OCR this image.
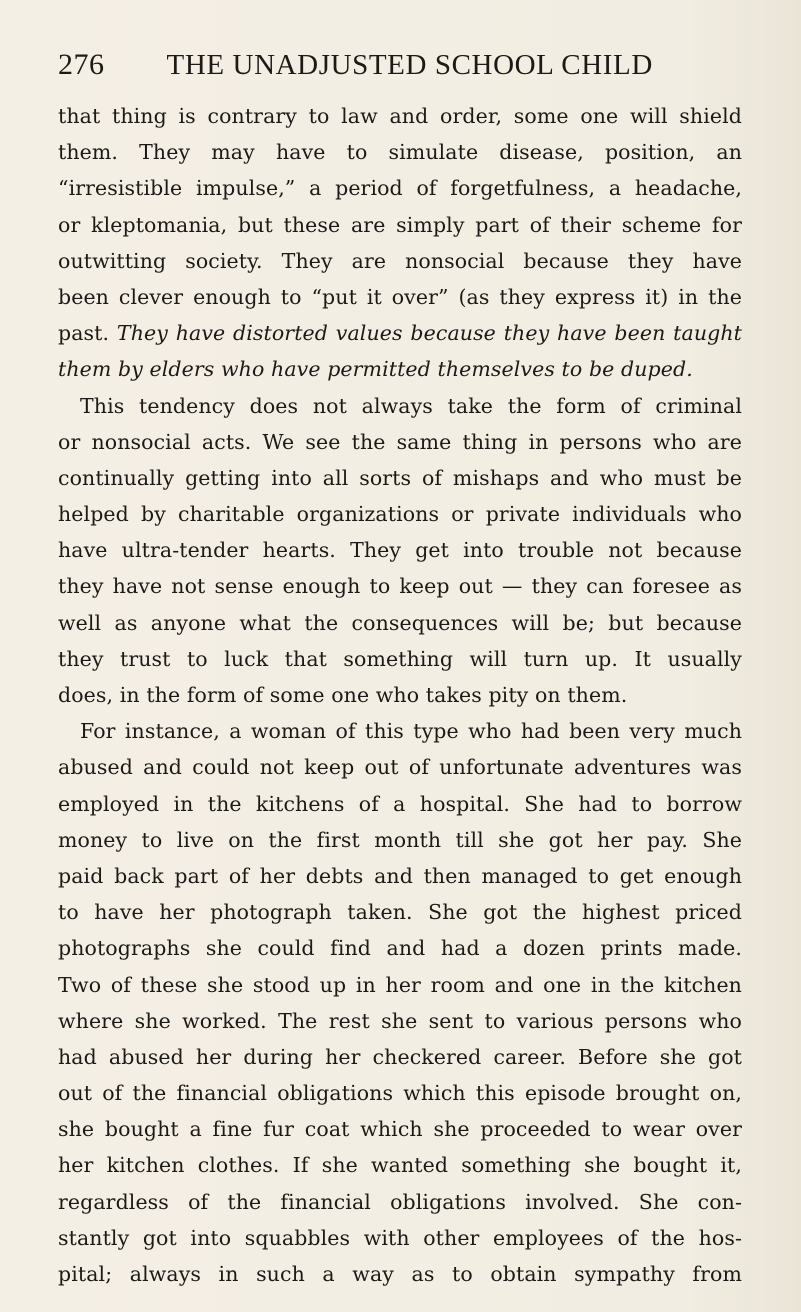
276 THE UNADJUSTED SCHOOL CHILD
that thing is contrary to law and order, some one will shield
them. They may have to simulate disease, position, an
“irresistible impulse,” a period of forgetfulness, a headache,
or kleptomania, but these are simply part of their scheme for
outwitting society. They are nonsocial because they have
been clever enough to “put it over” (as they express it) in the
past. They have distorted values because they have been taught
them by elders who have permitted themselves to be duped.
This tendency does not always take the form of criminal
or nonsocial acts. We see the same thing in persons who are
continually getting into all sorts of mishaps and who must be
helped by charitable organizations or private individuals who
have ultra-tender hearts. They get into trouble not because
they have not sense enough to keep out — they can foresee as
well as anyone what the consequences will be; but because
they trust to luck that something will turn up. It usually
does, in the form of some one who takes pity on them.
For instance, a woman of this type who had been very much
abused and could not keep out of unfortunate adventures was
employed in the kitchens of a hospital. She had to borrow
money to live on the first month till she got her pay. She
paid back part of her debts and then managed to get enough
to have her photograph taken. She got the highest priced
photographs she could find and had a dozen prints made.
Two of these she stood up in her room and one in the kitchen
where she worked. The rest she sent to various persons who
had abused her during her checkered career. Before she got
out of the financial obligations which this episode brought on,
she bought a fine fur coat which she proceeded to wear over
her kitchen clothes. If she wanted something she bought it,
regardless of the financial obligations involved. She con-
stantly got into squabbles with other employees of the hos-
pital; always in such a way as to obtain sympathy from
